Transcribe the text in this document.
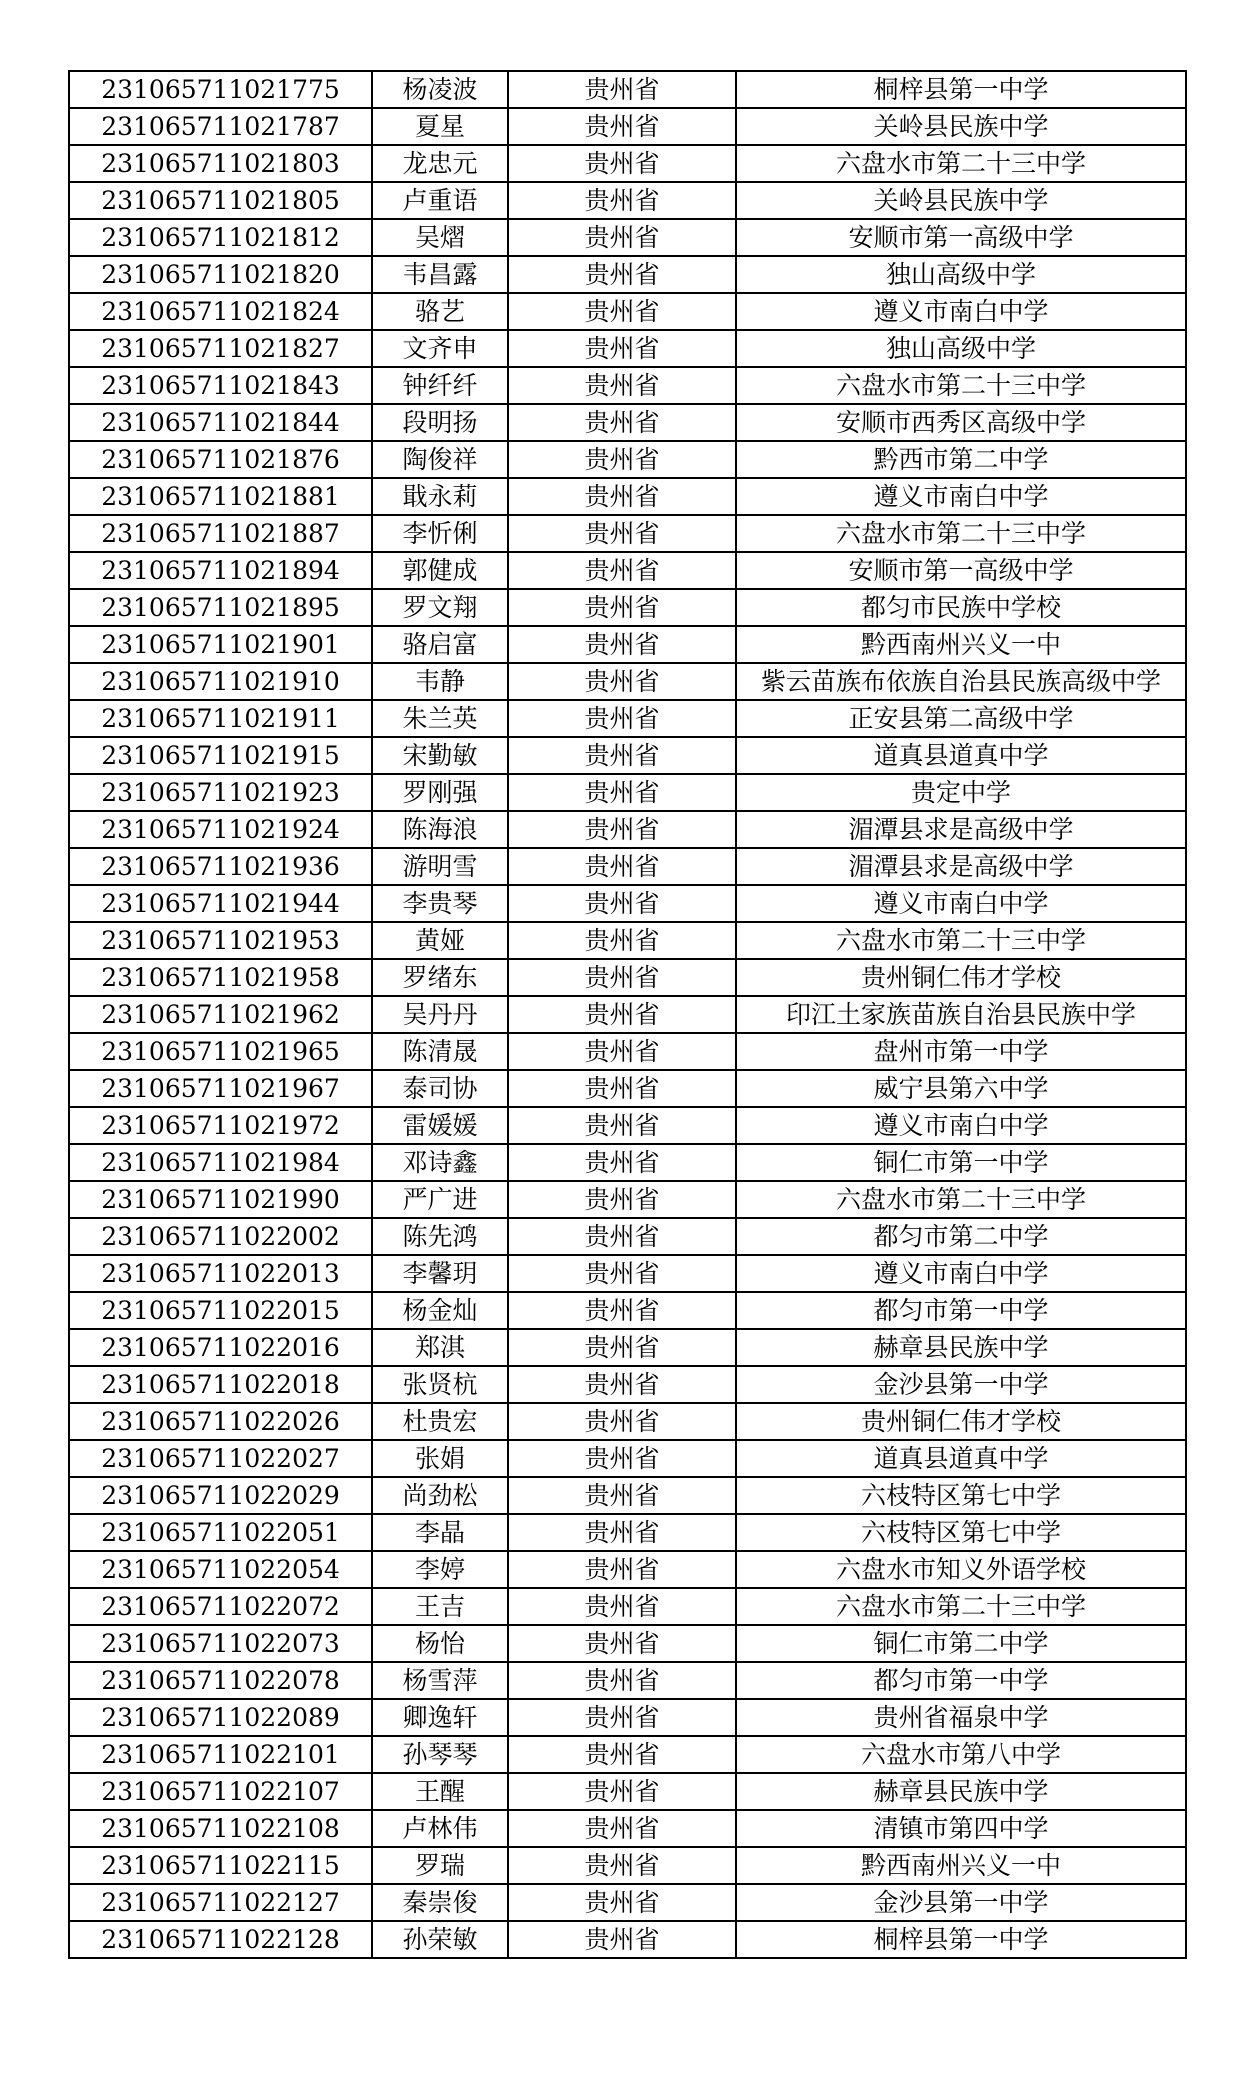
231065711021775	杨凌波	贵州省	桐梓县第一中学
231065711021787	夏星	贵州省	关岭县民族中学
231065711021803	龙忠元	贵州省	六盘水市第二十三中学
231065711021805	卢重语	贵州省	关岭县民族中学
231065711021812	吴熠	贵州省	安顺市第一高级中学
231065711021820	韦昌露	贵州省	独山高级中学
231065711021824	骆艺	贵州省	遵义市南白中学
231065711021827	文齐申	贵州省	独山高级中学
231065711021843	钟纤纤	贵州省	六盘水市第二十三中学
231065711021844	段明扬	贵州省	安顺市西秀区高级中学
231065711021876	陶俊祥	贵州省	黔西市第二中学
231065711021881	戢永莉	贵州省	遵义市南白中学
231065711021887	李忻俐	贵州省	六盘水市第二十三中学
231065711021894	郭健成	贵州省	安顺市第一高级中学
231065711021895	罗文翔	贵州省	都匀市民族中学校
231065711021901	骆启富	贵州省	黔西南州兴义一中
231065711021910	韦静	贵州省	紫云苗族布依族自治县民族高级中学
231065711021911	朱兰英	贵州省	正安县第二高级中学
231065711021915	宋勤敏	贵州省	道真县道真中学
231065711021923	罗刚强	贵州省	贵定中学
231065711021924	陈海浪	贵州省	湄潭县求是高级中学
231065711021936	游明雪	贵州省	湄潭县求是高级中学
231065711021944	李贵琴	贵州省	遵义市南白中学
231065711021953	黄娅	贵州省	六盘水市第二十三中学
231065711021958	罗绪东	贵州省	贵州铜仁伟才学校
231065711021962	吴丹丹	贵州省	印江土家族苗族自治县民族中学
231065711021965	陈清晟	贵州省	盘州市第一中学
231065711021967	泰司协	贵州省	威宁县第六中学
231065711021972	雷媛媛	贵州省	遵义市南白中学
231065711021984	邓诗鑫	贵州省	铜仁市第一中学
231065711021990	严广进	贵州省	六盘水市第二十三中学
231065711022002	陈先鸿	贵州省	都匀市第二中学
231065711022013	李馨玥	贵州省	遵义市南白中学
231065711022015	杨金灿	贵州省	都匀市第一中学
231065711022016	郑淇	贵州省	赫章县民族中学
231065711022018	张贤杭	贵州省	金沙县第一中学
231065711022026	杜贵宏	贵州省	贵州铜仁伟才学校
231065711022027	张娟	贵州省	道真县道真中学
231065711022029	尚劲松	贵州省	六枝特区第七中学
231065711022051	李晶	贵州省	六枝特区第七中学
231065711022054	李婷	贵州省	六盘水市知义外语学校
231065711022072	王吉	贵州省	六盘水市第二十三中学
231065711022073	杨怡	贵州省	铜仁市第二中学
231065711022078	杨雪萍	贵州省	都匀市第一中学
231065711022089	卿逸轩	贵州省	贵州省福泉中学
231065711022101	孙琴琴	贵州省	六盘水市第八中学
231065711022107	王醒	贵州省	赫章县民族中学
231065711022108	卢林伟	贵州省	清镇市第四中学
231065711022115	罗瑞	贵州省	黔西南州兴义一中
231065711022127	秦崇俊	贵州省	金沙县第一中学
231065711022128	孙荣敏	贵州省	桐梓县第一中学
